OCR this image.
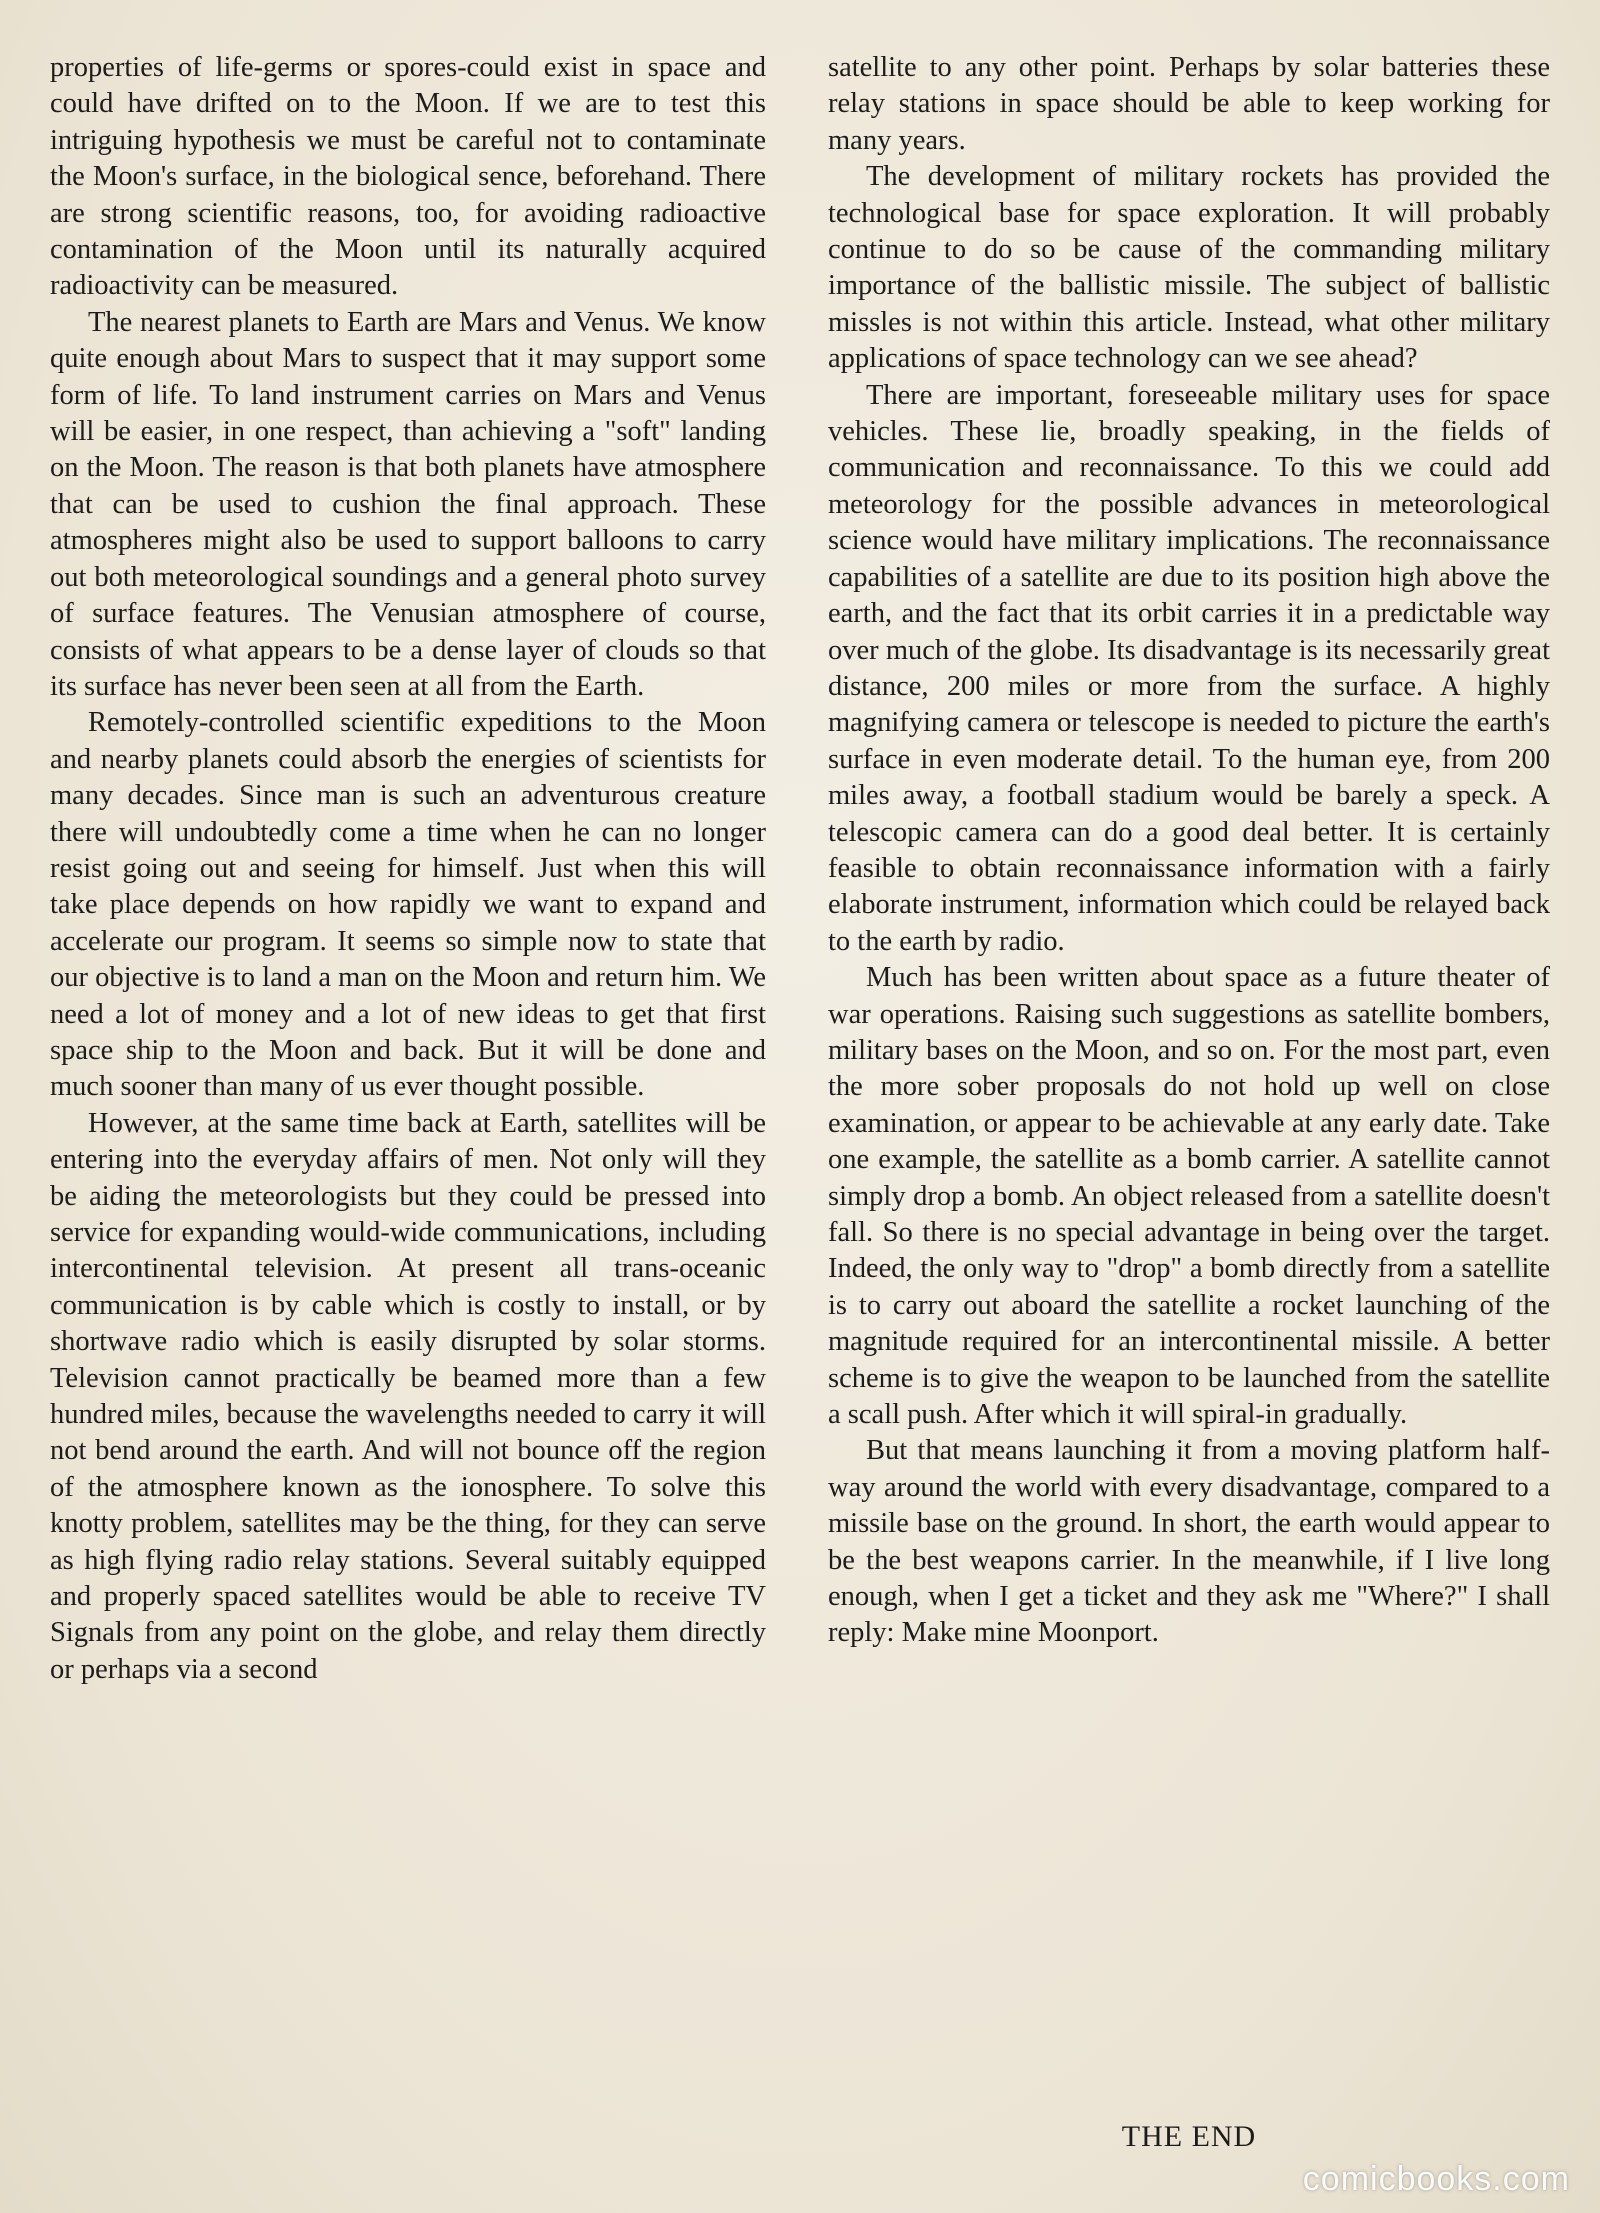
properties of life-germs or spores-could exist in space and could have drifted on to the Moon. If we are to test this intriguing hypothesis we must be careful not to contaminate the Moon's surface, in the biological sence, beforehand. There are strong scientific reasons, too, for avoiding radioactive contamination of the Moon until its naturally acquired radioactivity can be measured.

The nearest planets to Earth are Mars and Venus. We know quite enough about Mars to suspect that it may support some form of life. To land instrument carries on Mars and Venus will be easier, in one respect, than achieving a "soft" landing on the Moon. The reason is that both planets have atmosphere that can be used to cushion the final approach. These atmospheres might also be used to support balloons to carry out both meteorological soundings and a general photo survey of surface features. The Venusian atmosphere of course, consists of what appears to be a dense layer of clouds so that its surface has never been seen at all from the Earth.

Remotely-controlled scientific expeditions to the Moon and nearby planets could absorb the energies of scientists for many decades. Since man is such an adventurous creature there will undoubtedly come a time when he can no longer resist going out and seeing for himself. Just when this will take place depends on how rapidly we want to expand and accelerate our program. It seems so simple now to state that our objective is to land a man on the Moon and return him. We need a lot of money and a lot of new ideas to get that first space ship to the Moon and back. But it will be done and much sooner than many of us ever thought possible.

However, at the same time back at Earth, satellites will be entering into the everyday affairs of men. Not only will they be aiding the meteorologists but they could be pressed into service for expanding would-wide communications, including intercontinental television. At present all trans-oceanic communication is by cable which is costly to install, or by shortwave radio which is easily disrupted by solar storms. Television cannot practically be beamed more than a few hundred miles, because the wavelengths needed to carry it will not bend around the earth. And will not bounce off the region of the atmosphere known as the ionosphere. To solve this knotty problem, satellites may be the thing, for they can serve as high flying radio relay stations. Several suitably equipped and properly spaced satellites would be able to receive TV Signals from any point on the globe, and relay them directly or perhaps via a second

satellite to any other point. Perhaps by solar batteries these relay stations in space should be able to keep working for many years.

The development of military rockets has provided the technological base for space exploration. It will probably continue to do so be cause of the commanding military importance of the ballistic missile. The subject of ballistic missles is not within this article. Instead, what other military applications of space technology can we see ahead?

There are important, foreseeable military uses for space vehicles. These lie, broadly speaking, in the fields of communication and reconnaissance. To this we could add meteorology for the possible advances in meteorological science would have military implications. The reconnaissance capabilities of a satellite are due to its position high above the earth, and the fact that its orbit carries it in a predictable way over much of the globe. Its disadvantage is its necessarily great distance, 200 miles or more from the surface. A highly magnifying camera or telescope is needed to picture the earth's surface in even moderate detail. To the human eye, from 200 miles away, a football stadium would be barely a speck. A telescopic camera can do a good deal better. It is certainly feasible to obtain reconnaissance information with a fairly elaborate instrument, information which could be relayed back to the earth by radio.

Much has been written about space as a future theater of war operations. Raising such suggestions as satellite bombers, military bases on the Moon, and so on. For the most part, even the more sober proposals do not hold up well on close examination, or appear to be achievable at any early date. Take one example, the satellite as a bomb carrier. A satellite cannot simply drop a bomb. An object released from a satellite doesn't fall. So there is no special advantage in being over the target. Indeed, the only way to "drop" a bomb directly from a satellite is to carry out aboard the satellite a rocket launching of the magnitude required for an intercontinental missile. A better scheme is to give the weapon to be launched from the satellite a scall push. After which it will spiral-in gradually.

But that means launching it from a moving platform half-way around the world with every disadvantage, compared to a missile base on the ground. In short, the earth would appear to be the best weapons carrier. In the meanwhile, if I live long enough, when I get a ticket and they ask me "Where?" I shall reply: Make mine Moonport.

THE END
comicbooks.com
